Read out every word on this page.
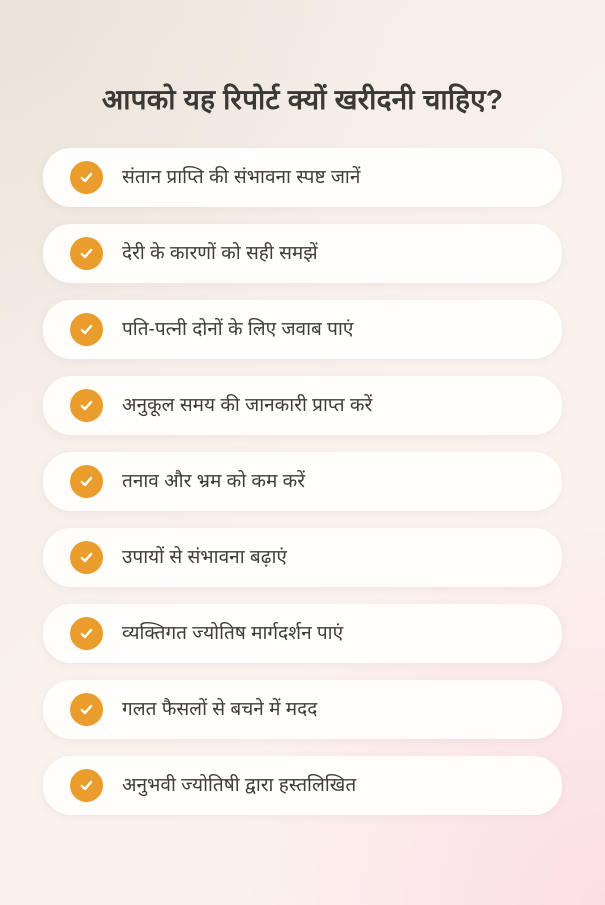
आपको यह रिपोर्ट क्यों खरीदनी चाहिए?
संतान प्राप्ति की संभावना स्पष्ट जानें
देरी के कारणों को सही समझें
पति-पत्नी दोनों के लिए जवाब पाएं
अनुकूल समय की जानकारी प्राप्त करें
तनाव और भ्रम को कम करें
उपायों से संभावना बढ़ाएं
व्यक्तिगत ज्योतिष मार्गदर्शन पाएं
गलत फैसलों से बचने में मदद
अनुभवी ज्योतिषी द्वारा हस्तलिखित
